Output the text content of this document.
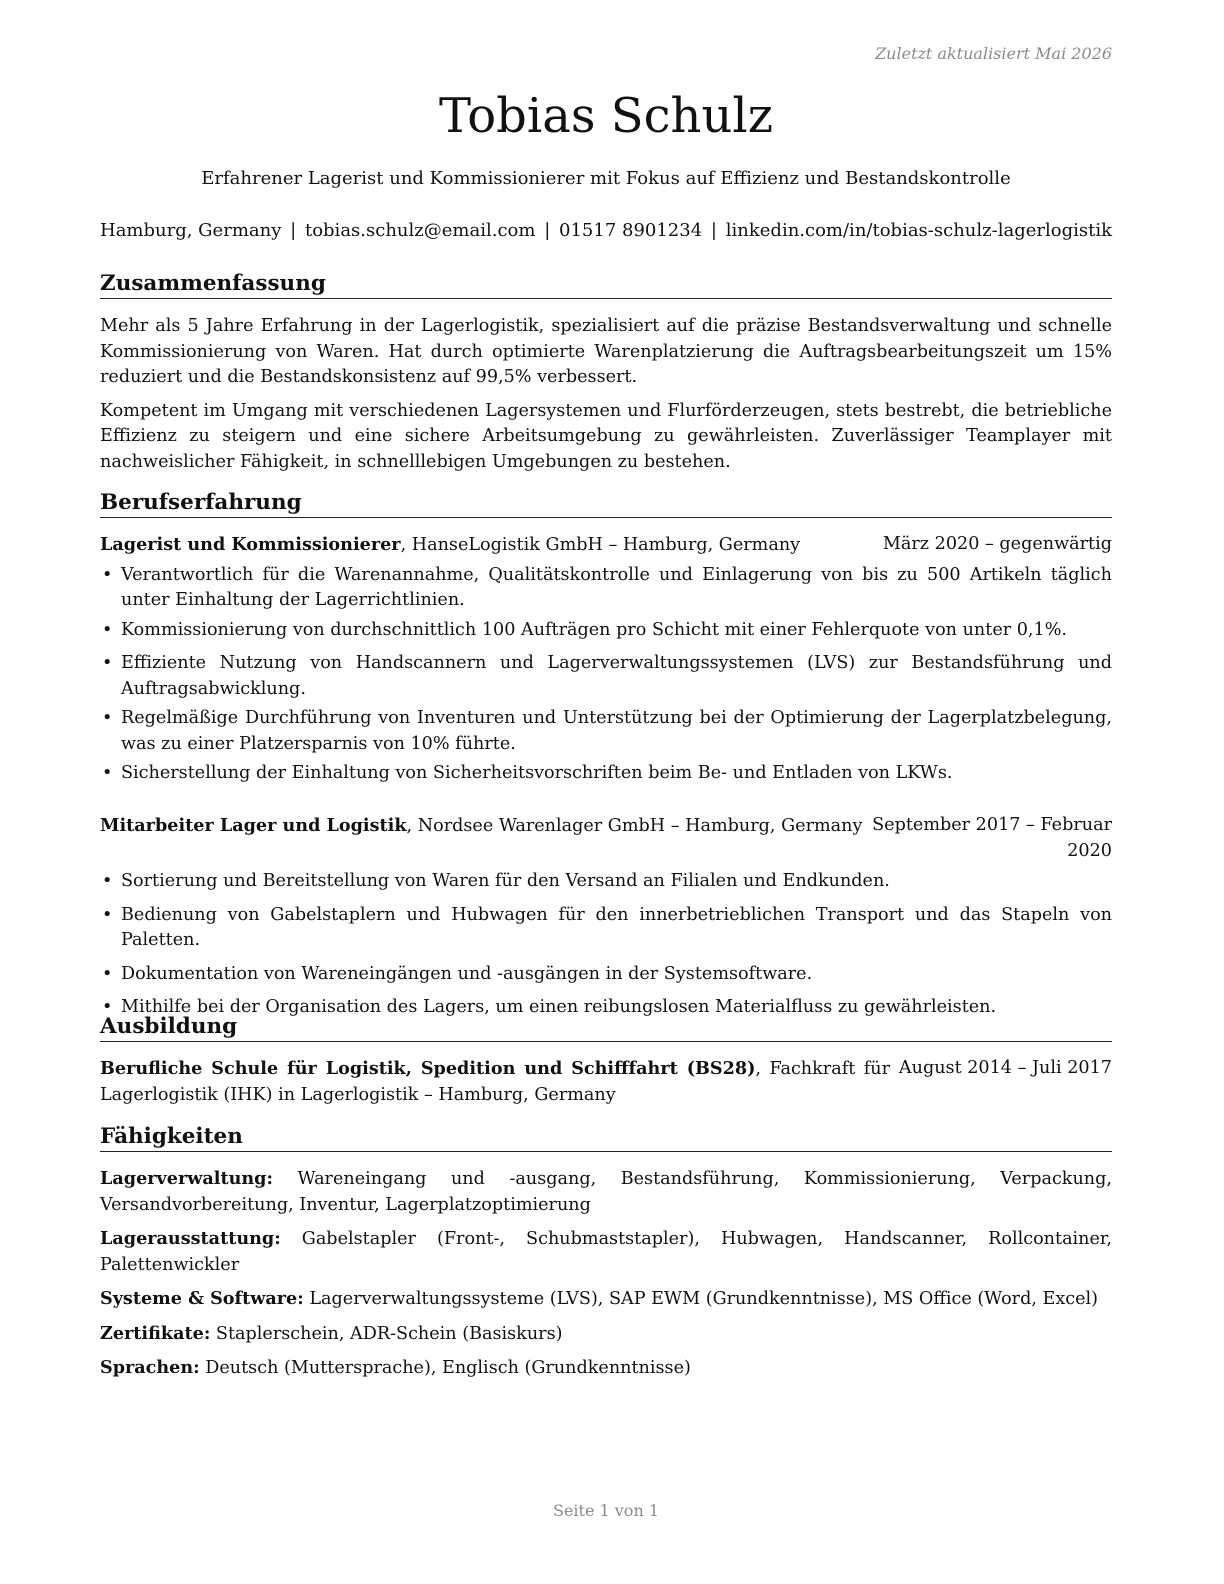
Zuletzt aktualisiert Mai 2026
Tobias Schulz
Erfahrener Lagerist und Kommissionierer mit Fokus auf Effizienz und Bestandskontrolle
Hamburg, Germany | tobias.schulz@email.com | 01517 8901234 | linkedin.com/in/tobias-schulz-lagerlogistik
Zusammenfassung

Mehr als 5 Jahre Erfahrung in der Lagerlogistik, spezialisiert auf die präzise Bestandsverwaltung und schnelle Kommissionierung von Waren. Hat durch optimierte Warenplatzierung die Auftragsbearbeitungszeit um 15% reduziert und die Bestandskonsistenz auf 99,5% verbessert.

Kompetent im Umgang mit verschiedenen Lagersystemen und Flurförderzeugen, stets bestrebt, die betriebliche Effizienz zu steigern und eine sichere Arbeitsumgebung zu gewährleisten. Zuverlässiger Teamplayer mit nachweislicher Fähigkeit, in schnelllebigen Umgebungen zu bestehen.

Berufserfahrung
Lagerist und Kommissionierer, HanseLogistik GmbH – Hamburg, Germany	März 2020 – gegenwärtig
• Verantwortlich für die Warenannahme, Qualitätskontrolle und Einlagerung von bis zu 500 Artikeln täglich unter Einhaltung der Lagerrichtlinien.
• Kommissionierung von durchschnittlich 100 Aufträgen pro Schicht mit einer Fehlerquote von unter 0,1%.
• Effiziente Nutzung von Handscannern und Lagerverwaltungssystemen (LVS) zur Bestandsführung und Auftragsabwicklung.
• Regelmäßige Durchführung von Inventuren und Unterstützung bei der Optimierung der Lagerplatzbelegung, was zu einer Platzersparnis von 10% führte.
• Sicherstellung der Einhaltung von Sicherheitsvorschriften beim Be- und Entladen von LKWs.
Mitarbeiter Lager und Logistik, Nordsee Warenlager GmbH – Hamburg, Germany September 2017 – Februar 2020
• Sortierung und Bereitstellung von Waren für den Versand an Filialen und Endkunden.
• Bedienung von Gabelstaplern und Hubwagen für den innerbetrieblichen Transport und das Stapeln von Paletten.
• Dokumentation von Wareneingängen und -ausgängen in der Systemsoftware.
• Mithilfe bei der Organisation des Lagers, um einen reibungslosen Materialfluss zu gewährleisten.
Ausbildung
Berufliche Schule für Logistik, Spedition und Schifffahrt (BS28), Fachkraft für Lagerlogistik (IHK) in Lagerlogistik – Hamburg, Germany
August 2014 – Juli 2017
Fähigkeiten

Lagerverwaltung: Wareneingang und -ausgang, Bestandsführung, Kommissionierung, Verpackung, Versandvorbereitung, Inventur, Lagerplatzoptimierung

Lagerausstattung: Gabelstapler (Front-, Schubmaststapler), Hubwagen, Handscanner, Rollcontainer, Palettenwickler

Systeme & Software: Lagerverwaltungssysteme (LVS), SAP EWM (Grundkenntnisse), MS Office (Word, Excel)

Zertifikate: Staplerschein, ADR-Schein (Basiskurs)

Sprachen: Deutsch (Muttersprache), Englisch (Grundkenntnisse)

Seite 1 von 1
